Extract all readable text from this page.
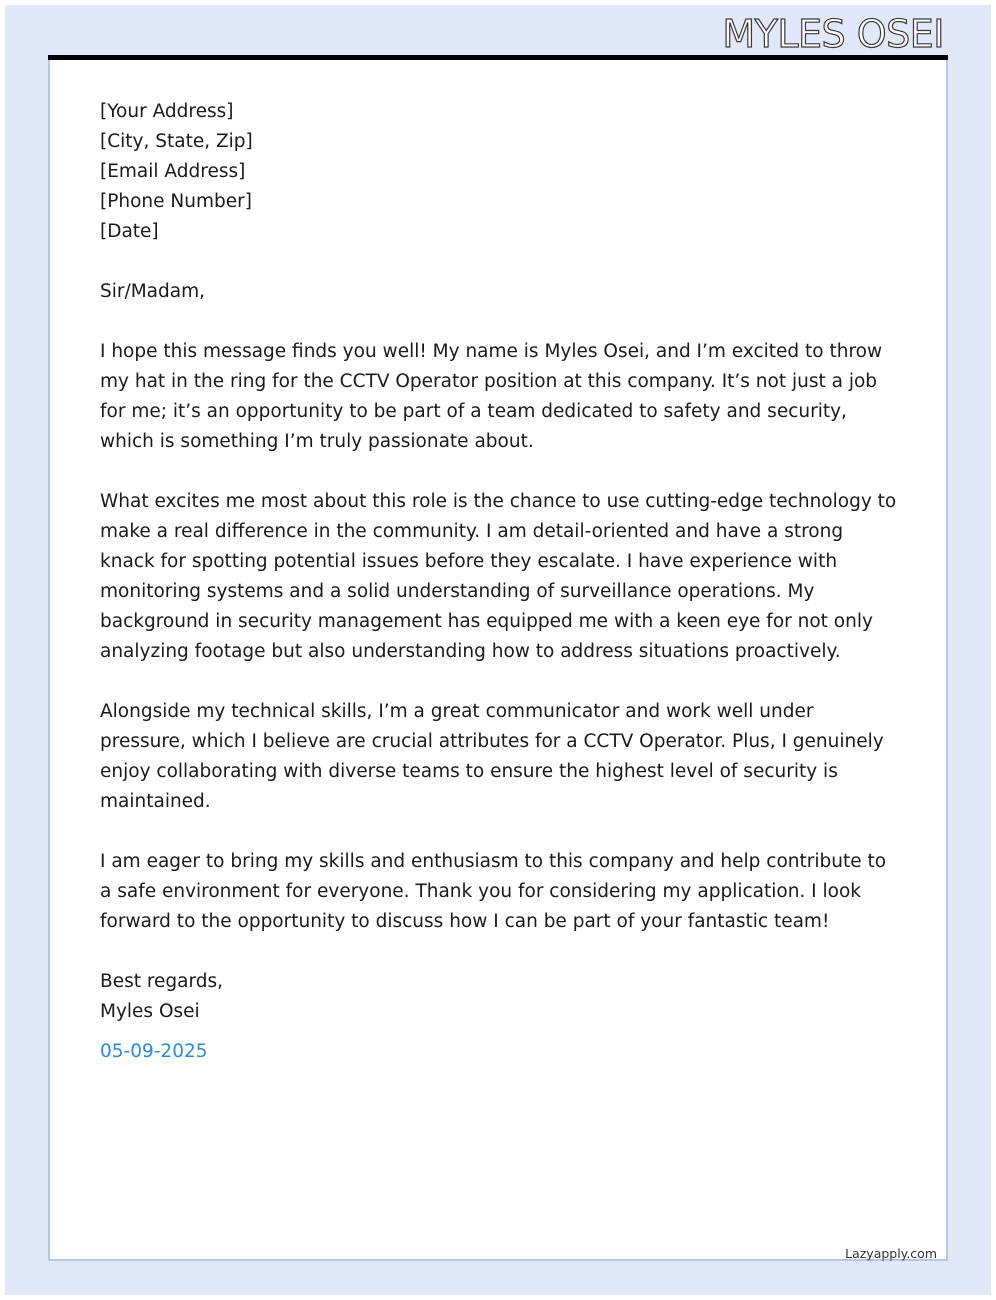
MYLES OSEI

[Your Address]
[City, State, Zip]
[Email Address]
[Phone Number]
[Date]

Sir/Madam,

I hope this message finds you well! My name is Myles Osei, and I’m excited to throw my hat in the ring for the CCTV Operator position at this company. It’s not just a job for me; it’s an opportunity to be part of a team dedicated to safety and security, which is something I’m truly passionate about.

What excites me most about this role is the chance to use cutting-edge technology to make a real difference in the community. I am detail-oriented and have a strong knack for spotting potential issues before they escalate. I have experience with monitoring systems and a solid understanding of surveillance operations. My background in security management has equipped me with a keen eye for not only analyzing footage but also understanding how to address situations proactively.

Alongside my technical skills, I’m a great communicator and work well under pressure, which I believe are crucial attributes for a CCTV Operator. Plus, I genuinely enjoy collaborating with diverse teams to ensure the highest level of security is maintained.

I am eager to bring my skills and enthusiasm to this company and help contribute to a safe environment for everyone. Thank you for considering my application. I look forward to the opportunity to discuss how I can be part of your fantastic team!

Best regards,
Myles Osei
05-09-2025
Lazyapply.com
